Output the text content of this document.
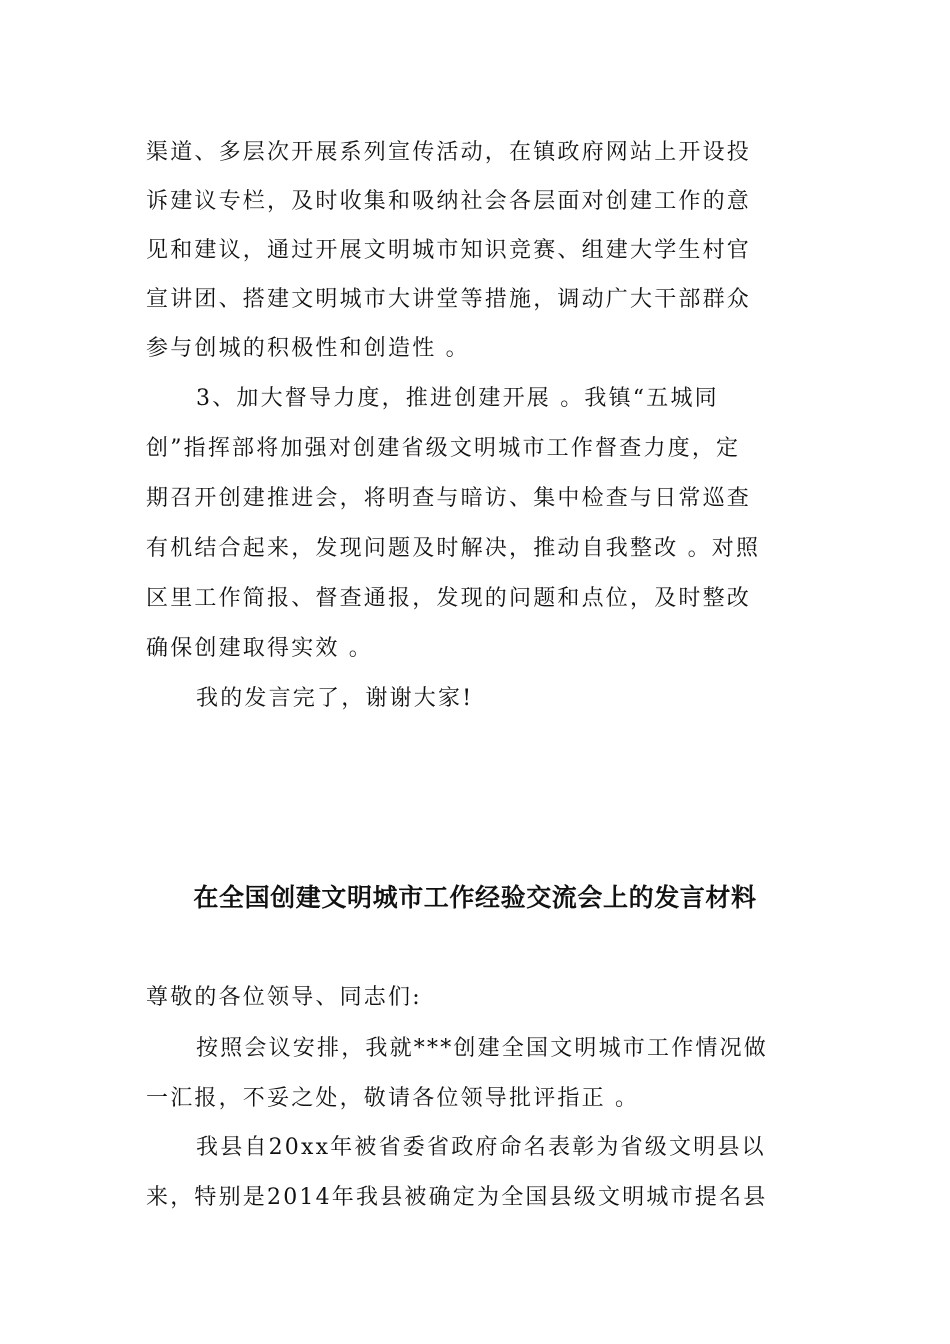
渠道、多层次开展系列宣传活动，在镇政府网站上开设投
诉建议专栏，及时收集和吸纳社会各层面对创建工作的意
见和建议，通过开展文明城市知识竞赛、组建大学生村官
宣讲团、搭建文明城市大讲堂等措施，调动广大干部群众
参与创城的积极性和创造性 。
3、加大督导力度，推进创建开展 。我镇“五城同
创”指挥部将加强对创建省级文明城市工作督查力度，定
期召开创建推进会，将明查与暗访、集中检查与日常巡查
有机结合起来，发现问题及时解决，推动自我整改 。对照
区里工作简报、督查通报，发现的问题和点位，及时整改
确保创建取得实效 。
我的发言完了，谢谢大家!
在全国创建文明城市工作经验交流会上的发言材料
尊敬的各位领导、同志们:
按照会议安排，我就***创建全国文明城市工作情况做
一汇报，不妥之处，敬请各位领导批评指正 。
我县自20xx年被省委省政府命名表彰为省级文明县以
来，特别是2014年我县被确定为全国县级文明城市提名县
